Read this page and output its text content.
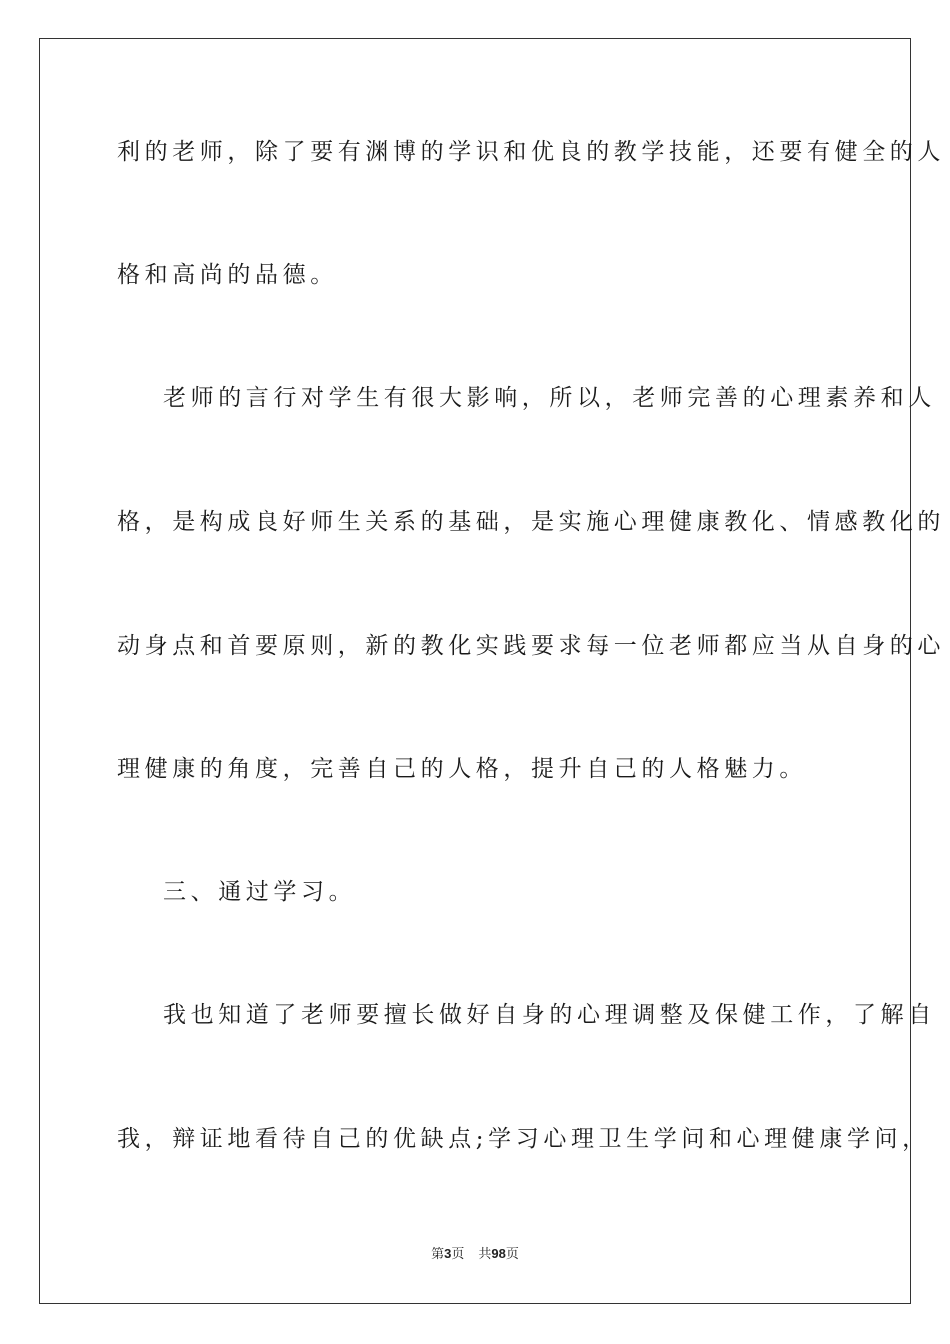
利的老师，除了要有渊博的学识和优良的教学技能，还要有健全的人
格和高尚的品德。
老师的言行对学生有很大影响，所以，老师完善的心理素养和人
格，是构成良好师生关系的基础，是实施心理健康教化、情感教化的
动身点和首要原则，新的教化实践要求每一位老师都应当从自身的心
理健康的角度，完善自己的人格，提升自己的人格魅力。
三、通过学习。
我也知道了老师要擅长做好自身的心理调整及保健工作，了解自
我，辩证地看待自己的优缺点;学习心理卫生学问和心理健康学问，
第3页 共98页
